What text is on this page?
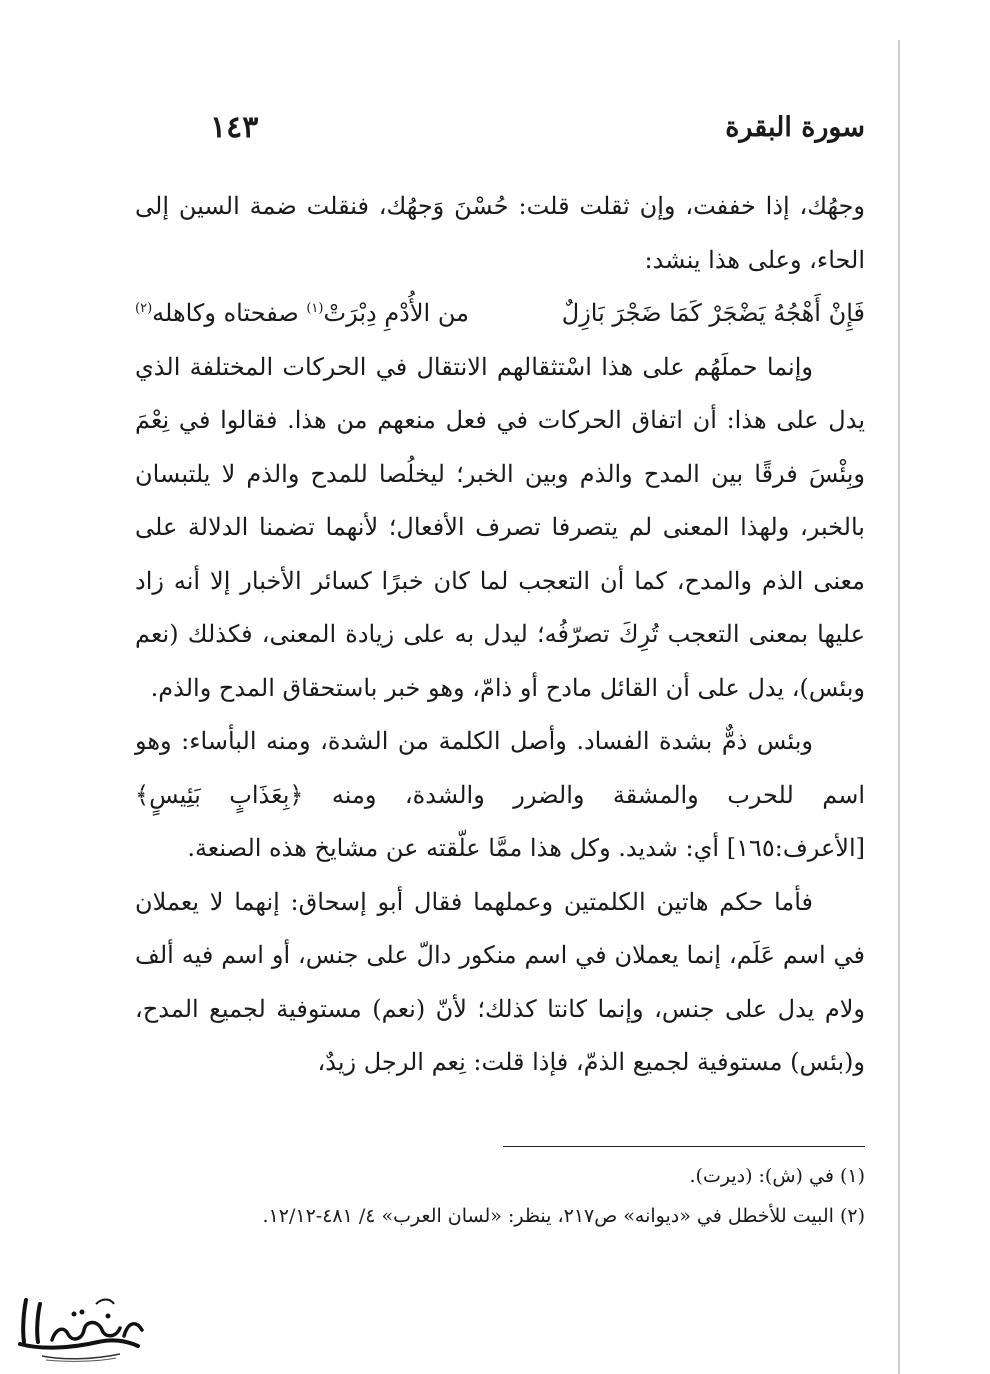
سورة البقرة
١٤٣

وجهُك، إذا خففت، وإن ثقلت قلت: حُسْنَ وَجهُك، فنقلت ضمة السين إلى الحاء، وعلى هذا ينشد:

فَإِنْ أَهْجُهُ يَضْجَرْ كَمَا ضَجْرَ بَازِلٌ
من الأُدْمِ دِبْرَتْ$^{(١)}$ صفحتاه وكاهله$^{(٢)}$

وإنما حملَهُم على هذا اسْتثقالهم الانتقال في الحركات المختلفة الذي يدل على هذا: أن اتفاق الحركات في فعل منعهم من هذا. فقالوا في نِعْمَ وبِئْسَ فرقًا بين المدح والذم وبين الخبر؛ ليخلُصا للمدح والذم لا يلتبسان بالخبر، ولهذا المعنى لم يتصرفا تصرف الأفعال؛ لأنهما تضمنا الدلالة على معنى الذم والمدح، كما أن التعجب لما كان خبرًا كسائر الأخبار إلا أنه زاد عليها بمعنى التعجب تُرِكَ تصرّفُه؛ ليدل به على زيادة المعنى، فكذلك (نعم وبئس)، يدل على أن القائل مادح أو ذامّ، وهو خبر باستحقاق المدح والذم.

وبئس ذمٌّ بشدة الفساد. وأصل الكلمة من الشدة، ومنه البأساء: وهو اسم للحرب والمشقة والضرر والشدة، ومنه ﴿بِعَذَابٍ بَئِيسٍ﴾ [الأعرف:١٦٥] أي: شديد. وكل هذا ممَّا علّقته عن مشايخ هذه الصنعة.

فأما حكم هاتين الكلمتين وعملهما فقال أبو إسحاق: إنهما لا يعملان في اسم عَلَم، إنما يعملان في اسم منكور دالّ على جنس، أو اسم فيه ألف ولام يدل على جنس، وإنما كانتا كذلك؛ لأنّ (نعم) مستوفية لجميع المدح، و(بئس) مستوفية لجميع الذمّ، فإذا قلت: نِعم الرجل زيدٌ،

(١) في (ش): (ديرت).

(٢) البيت للأخطل في «ديوانه» ص٢١٧، ينظر: «لسان العرب» ٤/ ٤٨١-١٢/١٢.
